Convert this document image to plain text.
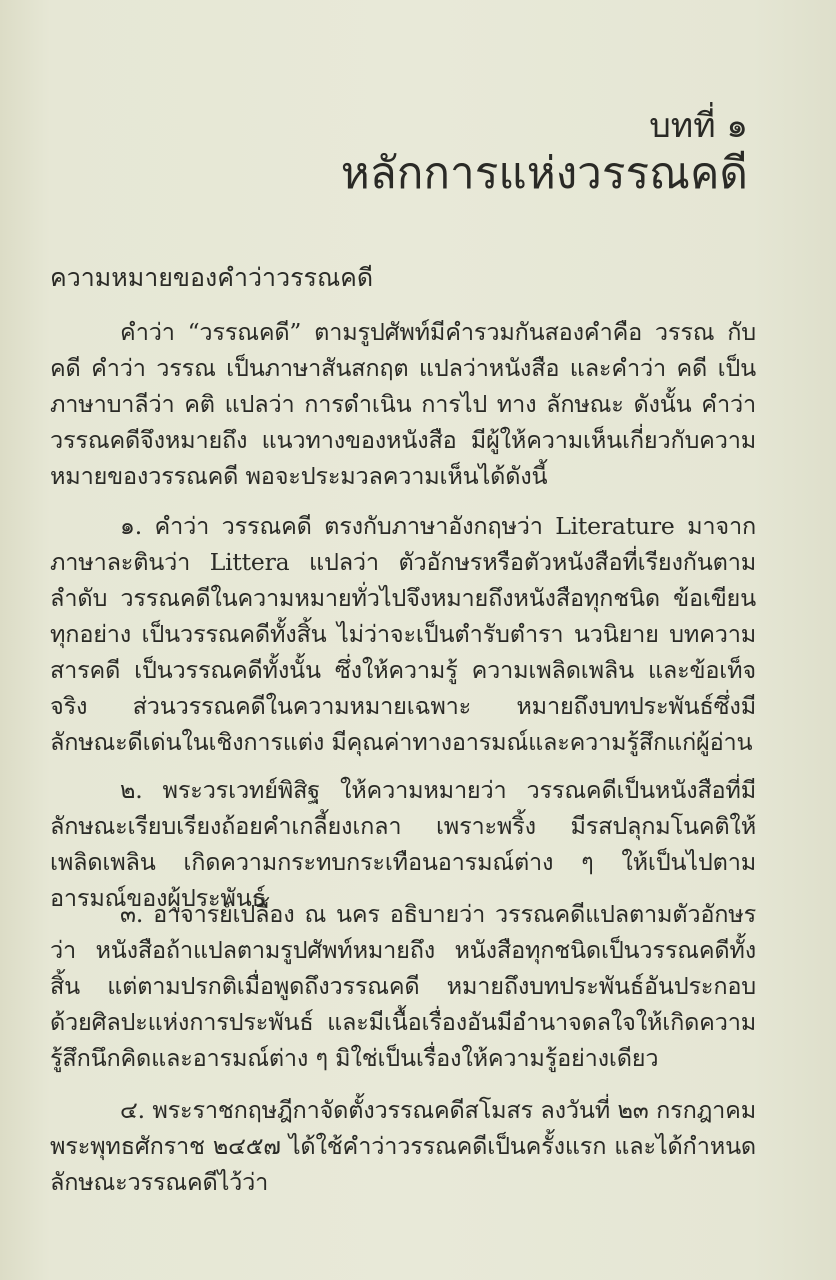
บทที่ ๑
หลักการแห่งวรรณคดี
ความหมายของคำว่าวรรณคดี

คำว่า “วรรณคดี” ตามรูปศัพท์มีคำรวมกันสองคำคือ วรรณ กับ คดี คำว่า วรรณ เป็นภาษาสันสกฤต แปลว่าหนังสือ และคำว่า คดี เป็นภาษาบาลีว่า คติ แปลว่า การดำเนิน การไป ทาง ลักษณะ ดังนั้น คำว่าวรรณคดีจึงหมายถึง แนวทางของหนังสือ มีผู้ให้ความเห็นเกี่ยวกับความหมายของวรรณคดี พอจะประมวลความเห็นได้ดังนี้

๑. คำว่า วรรณคดี ตรงกับภาษาอังกฤษว่า Literature มาจากภาษาละตินว่า Littera แปลว่า ตัวอักษรหรือตัวหนังสือที่เรียงกันตามลำดับ วรรณคดีในความหมายทั่วไปจึงหมายถึงหนังสือทุกชนิด ข้อเขียนทุกอย่าง เป็นวรรณคดีทั้งสิ้น ไม่ว่าจะเป็นตำรับตำรา นวนิยาย บทความ สารคดี เป็นวรรณคดีทั้งนั้น ซึ่งให้ความรู้ ความเพลิดเพลิน และข้อเท็จจริง ส่วนวรรณคดีในความหมายเฉพาะ หมายถึงบทประพันธ์ซึ่งมีลักษณะดีเด่นในเชิงการแต่ง มีคุณค่าทางอารมณ์และความรู้สึกแก่ผู้อ่าน

๒. พระวรเวทย์พิสิฐ ให้ความหมายว่า วรรณคดีเป็นหนังสือที่มีลักษณะเรียบเรียงถ้อยคำเกลี้ยงเกลา เพราะพริ้ง มีรสปลุกมโนคติให้เพลิดเพลิน เกิดความกระทบกระเทือนอารมณ์ต่าง ๆ ให้เป็นไปตามอารมณ์ของผู้ประพันธ์

๓. อาจารย์เปลื้อง ณ นคร อธิบายว่า วรรณคดีแปลตามตัวอักษรว่า หนังสือถ้าแปลตามรูปศัพท์หมายถึง หนังสือทุกชนิดเป็นวรรณคดีทั้งสิ้น แต่ตามปรกติเมื่อพูดถึงวรรณคดี หมายถึงบทประพันธ์อันประกอบด้วยศิลปะแห่งการประพันธ์ และมีเนื้อเรื่องอันมีอำนาจดลใจให้เกิดความรู้สึกนึกคิดและอารมณ์ต่าง ๆ มิใช่เป็นเรื่องให้ความรู้อย่างเดียว

๔. พระราชกฤษฎีกาจัดตั้งวรรณคดีสโมสร ลงวันที่ ๒๓ กรกฎาคม พระพุทธศักราช ๒๔๕๗ ได้ใช้คำว่าวรรณคดีเป็นครั้งแรก และได้กำหนดลักษณะวรรณคดีไว้ว่า
